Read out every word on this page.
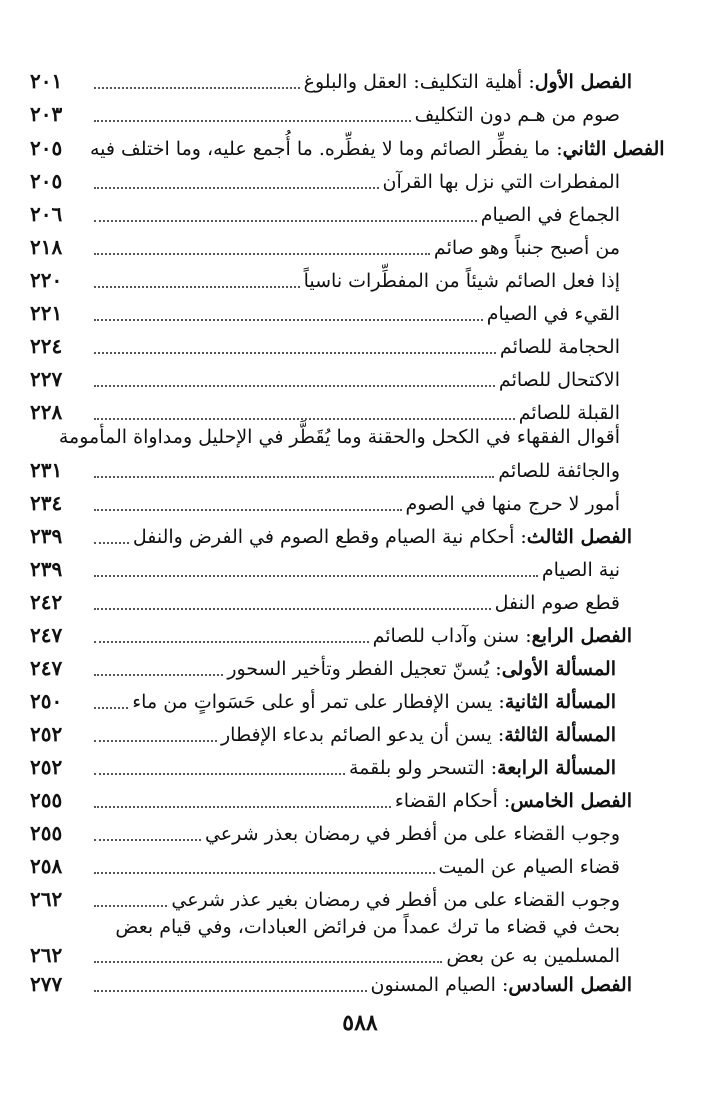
٢٠١	الفصل الأول: أهلية التكليف: العقل والبلوغ
٢٠٣	صوم من هـم دون التكليف
٢٠٥	الفصل الثاني: ما يفطِّر الصائم وما لا يفطِّره. ما أُجمع عليه، وما اختلف فيه
٢٠٥	المفطرات التي نزل بها القرآن
٢٠٦	الجماع في الصيام
٢١٨	من أصبح جنباً وهو صائم
٢٢٠	إذا فعل الصائم شيئاً من المفطِّرات ناسياً
٢٢١	القيء في الصيام
٢٢٤	الحجامة للصائم
٢٢٧	الاكتحال للصائم
٢٢٨	القبلة للصائم
أقوال الفقهاء في الكحل والحقنة وما يُقَطَّر في الإحليل ومداواة المأمومة
٢٣١	والجائفة للصائم
٢٣٤	أمور لا حرج منها في الصوم
٢٣٩	الفصل الثالث: أحكام نية الصيام وقطع الصوم في الفرض والنفل
٢٣٩	نية الصيام
٢٤٢	قطع صوم النفل
٢٤٧	الفصل الرابع: سنن وآداب للصائم
٢٤٧	المسألة الأولى: يُسنّ تعجيل الفطر وتأخير السحور
٢٥٠	المسألة الثانية: يسن الإفطار على تمر أو على حَسَواتٍ من ماء
٢٥٢	المسألة الثالثة: يسن أن يدعو الصائم بدعاء الإفطار
٢٥٢	المسألة الرابعة: التسحر ولو بلقمة
٢٥٥	الفصل الخامس: أحكام القضاء
٢٥٥	وجوب القضاء على من أفطر في رمضان بعذر شرعي
٢٥٨	قضاء الصيام عن الميت
٢٦٢	وجوب القضاء على من أفطر في رمضان بغير عذر شرعي
بحث في قضاء ما ترك عمداً من فرائض العبادات، وفي قيام بعض
٢٦٢	المسلمين به عن بعض
٢٧٧	الفصل السادس: الصيام المسنون
٥٨٨
